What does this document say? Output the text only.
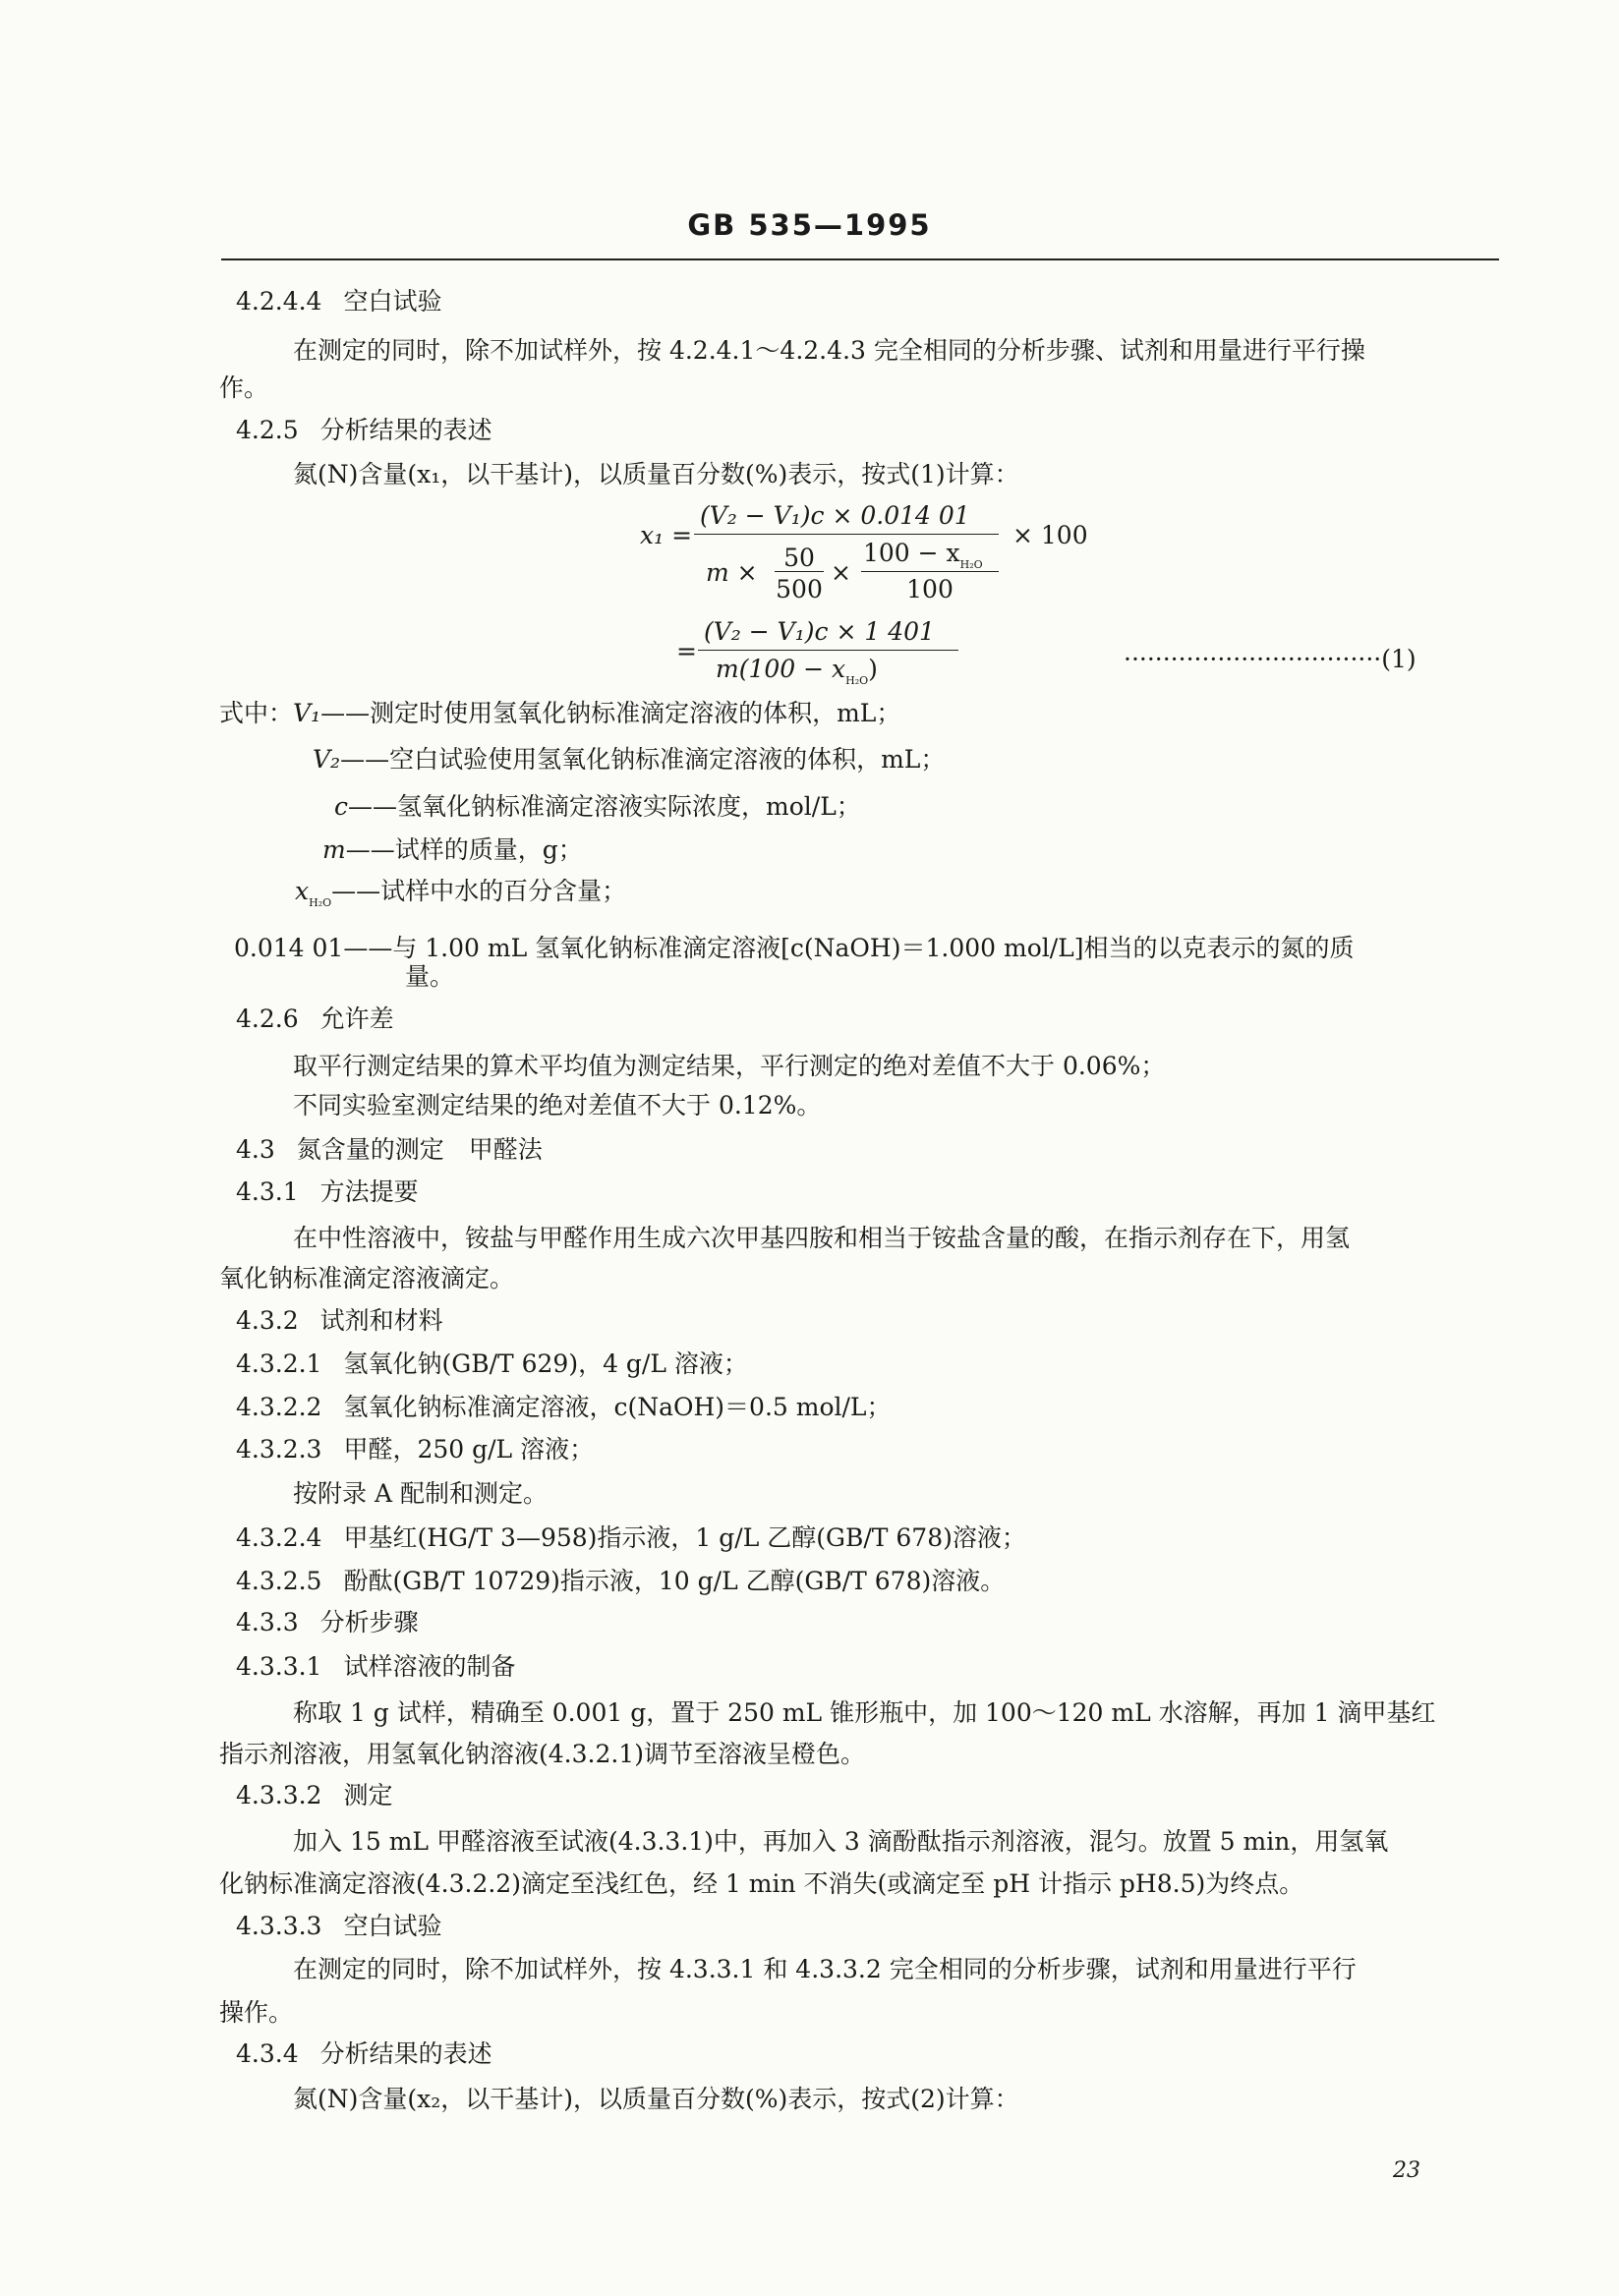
GB 535—1995
4.2.4.4 空白试验
在测定的同时，除不加试样外，按 4.2.4.1～4.2.4.3 完全相同的分析步骤、试剂和用量进行平行操
作。
4.2.5 分析结果的表述
氮(N)含量(x₁，以干基计)，以质量百分数(%)表示，按式(1)计算：
x₁ =
(V₂ − V₁)c × 0.014 01
m ×
50
500
×
$100 - x_{H_2O}$
100
× 100
=
(V₂ − V₁)c × 1 401
$m(100 - x_{H_2O})$	·································(1)
式中：V₁——测定时使用氢氧化钠标准滴定溶液的体积，mL；
V₂——空白试验使用氢氧化钠标准滴定溶液的体积，mL；
c——氢氧化钠标准滴定溶液实际浓度，mol/L；
m——试样的质量，g；
$x_{H_2O}——$试样中水的百分含量；
0.014 01——与 1.00 mL 氢氧化钠标准滴定溶液[c(NaOH)＝1.000 mol/L]相当的以克表示的氮的质
量。
4.2.6 允许差
取平行测定结果的算术平均值为测定结果，平行测定的绝对差值不大于 0.06%；
不同实验室测定结果的绝对差值不大于 0.12%。
4.3 氮含量的测定　甲醛法
4.3.1 方法提要
在中性溶液中，铵盐与甲醛作用生成六次甲基四胺和相当于铵盐含量的酸，在指示剂存在下，用氢
氧化钠标准滴定溶液滴定。
4.3.2 试剂和材料
4.3.2.1 氢氧化钠(GB/T 629)，4 g/L 溶液；
4.3.2.2 氢氧化钠标准滴定溶液，c(NaOH)＝0.5 mol/L；
4.3.2.3 甲醛，250 g/L 溶液；
按附录 A 配制和测定。
4.3.2.4 甲基红(HG/T 3—958)指示液，1 g/L 乙醇(GB/T 678)溶液；
4.3.2.5 酚酞(GB/T 10729)指示液，10 g/L 乙醇(GB/T 678)溶液。
4.3.3 分析步骤
4.3.3.1 试样溶液的制备
称取 1 g 试样，精确至 0.001 g，置于 250 mL 锥形瓶中，加 100～120 mL 水溶解，再加 1 滴甲基红
指示剂溶液，用氢氧化钠溶液(4.3.2.1)调节至溶液呈橙色。
4.3.3.2 测定
加入 15 mL 甲醛溶液至试液(4.3.3.1)中，再加入 3 滴酚酞指示剂溶液，混匀。放置 5 min，用氢氧
化钠标准滴定溶液(4.3.2.2)滴定至浅红色，经 1 min 不消失(或滴定至 pH 计指示 pH8.5)为终点。
4.3.3.3 空白试验
在测定的同时，除不加试样外，按 4.3.3.1 和 4.3.3.2 完全相同的分析步骤，试剂和用量进行平行
操作。
4.3.4 分析结果的表述
氮(N)含量(x₂，以干基计)，以质量百分数(%)表示，按式(2)计算：
23
